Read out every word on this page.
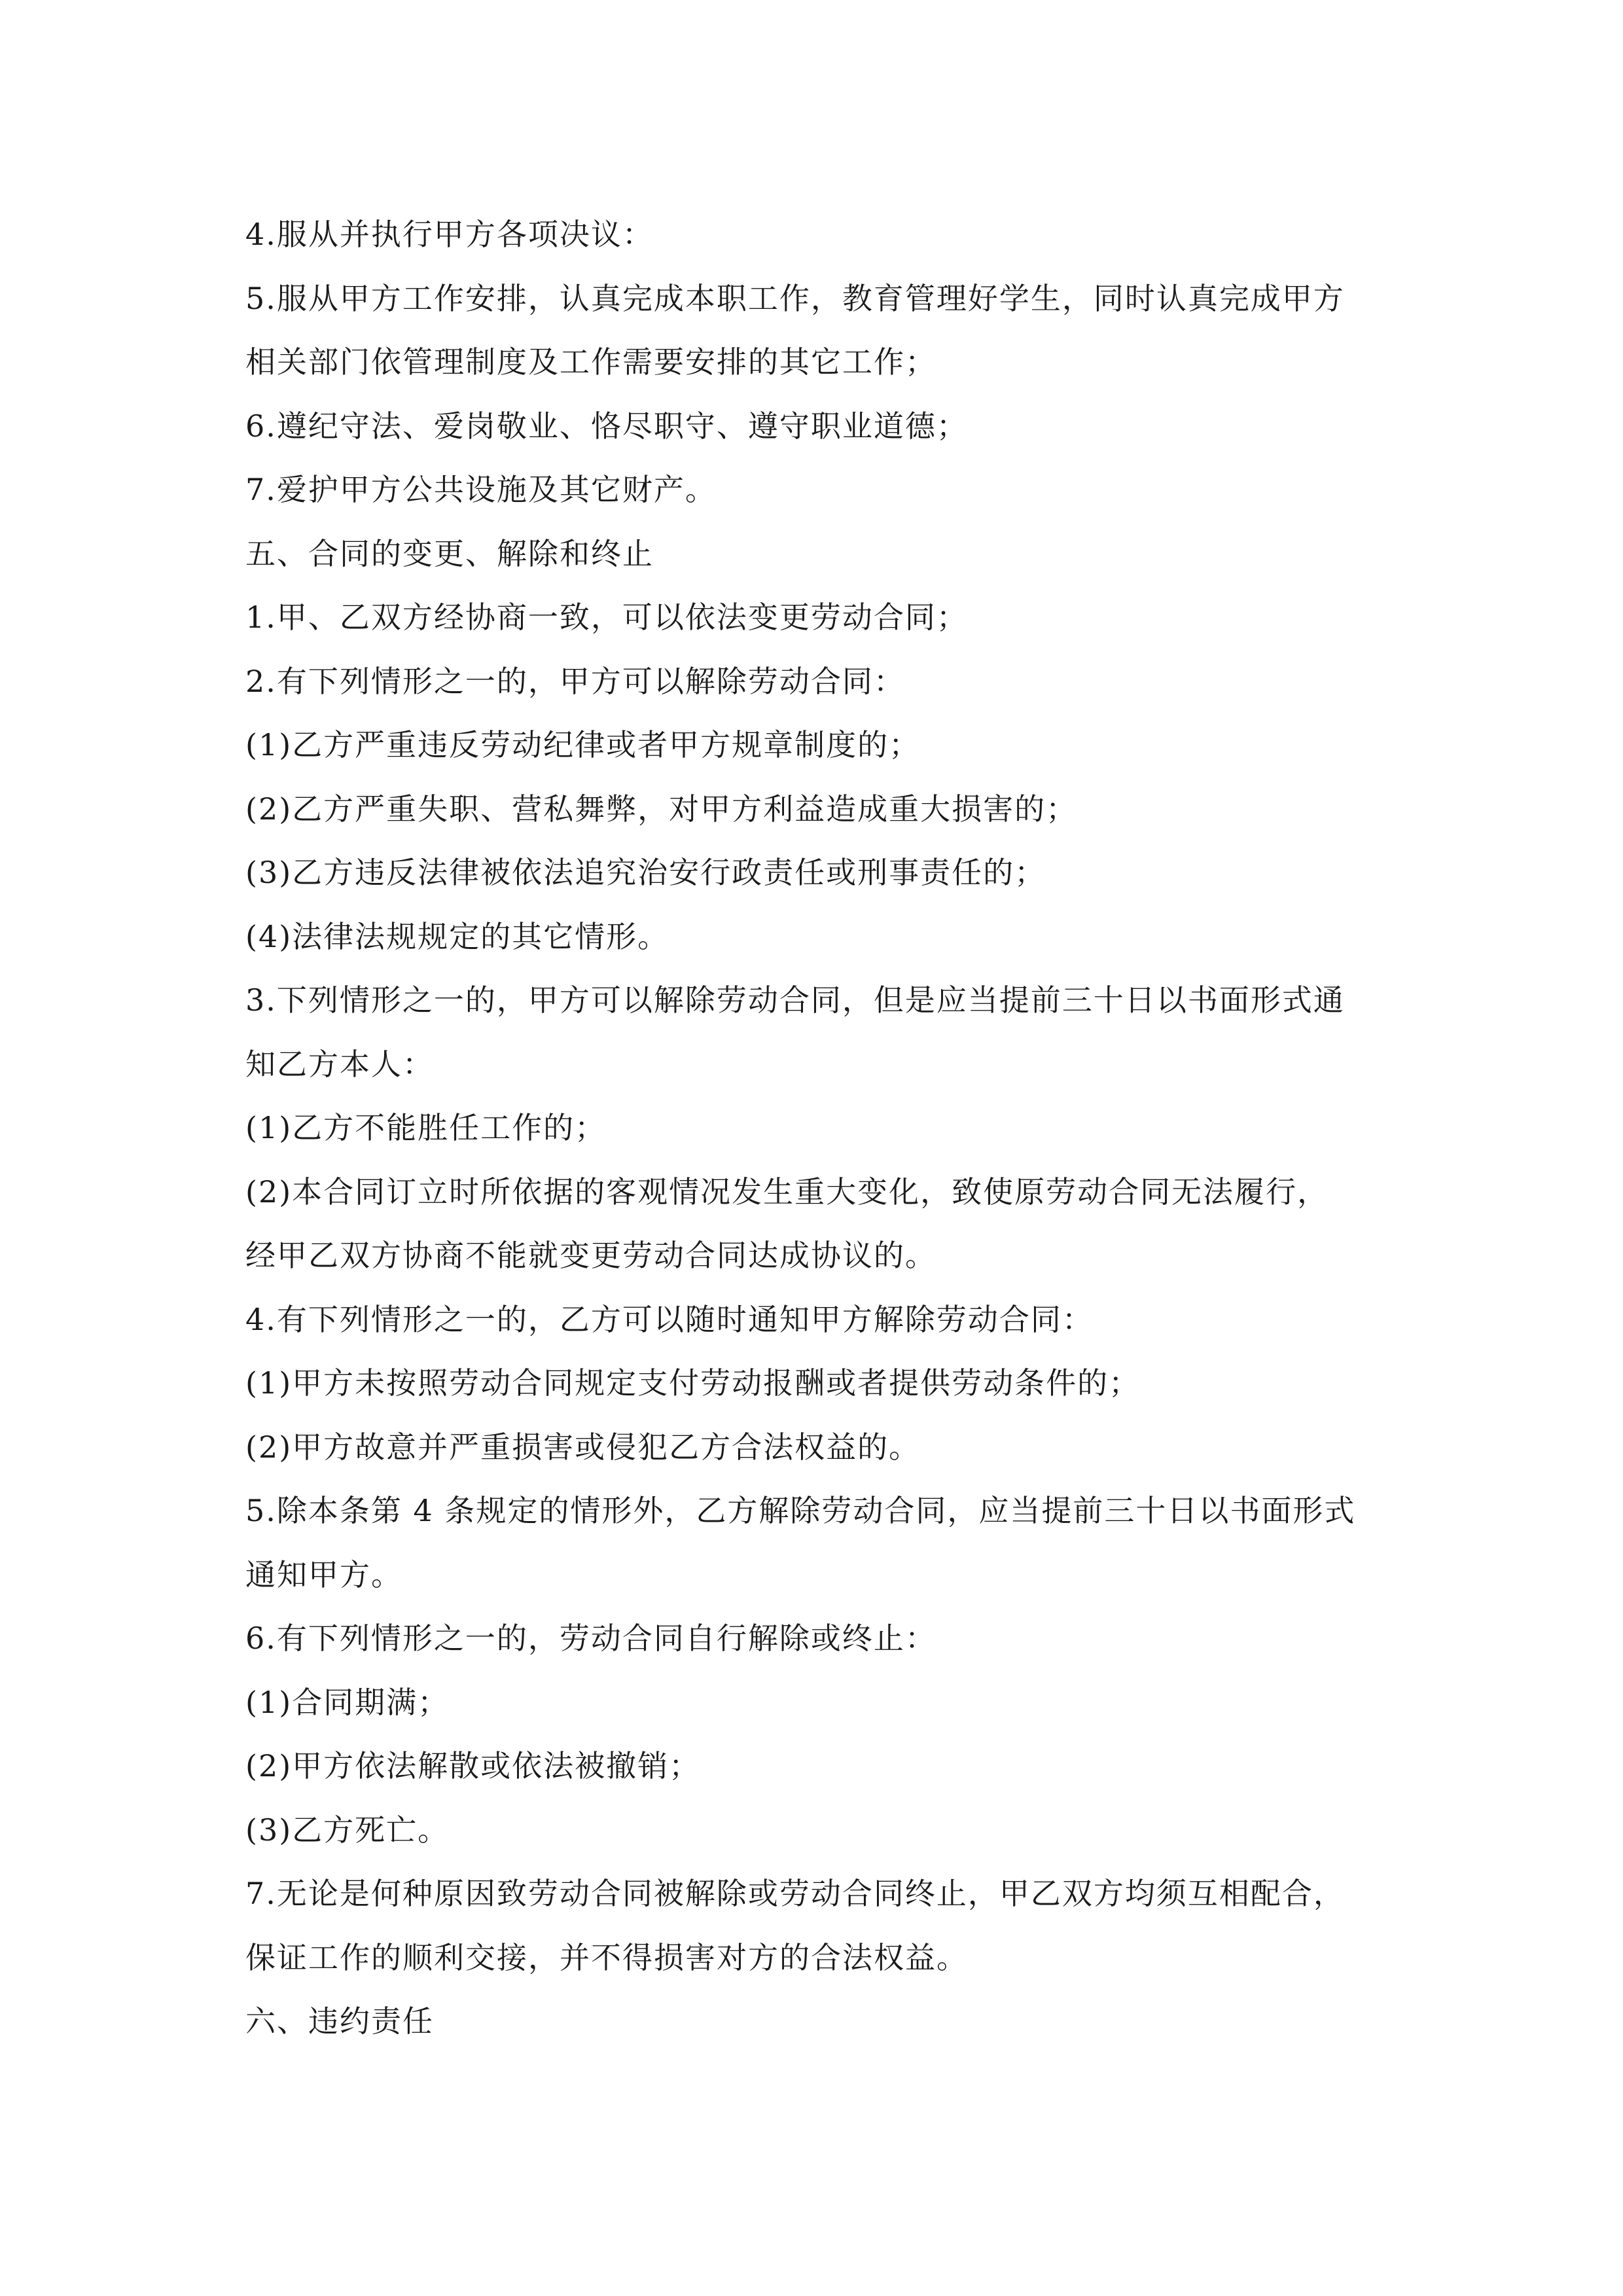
4.服从并执行甲方各项决议：
5.服从甲方工作安排，认真完成本职工作，教育管理好学生，同时认真完成甲方
相关部门依管理制度及工作需要安排的其它工作；
6.遵纪守法、爱岗敬业、恪尽职守、遵守职业道德；
7.爱护甲方公共设施及其它财产。
五、合同的变更、解除和终止
1.甲、乙双方经协商一致，可以依法变更劳动合同；
2.有下列情形之一的，甲方可以解除劳动合同：
(1)乙方严重违反劳动纪律或者甲方规章制度的；
(2)乙方严重失职、营私舞弊，对甲方利益造成重大损害的；
(3)乙方违反法律被依法追究治安行政责任或刑事责任的；
(4)法律法规规定的其它情形。
3.下列情形之一的，甲方可以解除劳动合同，但是应当提前三十日以书面形式通
知乙方本人：
(1)乙方不能胜任工作的；
(2)本合同订立时所依据的客观情况发生重大变化，致使原劳动合同无法履行，
经甲乙双方协商不能就变更劳动合同达成协议的。
4.有下列情形之一的，乙方可以随时通知甲方解除劳动合同：
(1)甲方未按照劳动合同规定支付劳动报酬或者提供劳动条件的；
(2)甲方故意并严重损害或侵犯乙方合法权益的。
5.除本条第 4 条规定的情形外，乙方解除劳动合同，应当提前三十日以书面形式
通知甲方。
6.有下列情形之一的，劳动合同自行解除或终止：
(1)合同期满；
(2)甲方依法解散或依法被撤销；
(3)乙方死亡。
7.无论是何种原因致劳动合同被解除或劳动合同终止，甲乙双方均须互相配合，
保证工作的顺利交接，并不得损害对方的合法权益。
六、违约责任
